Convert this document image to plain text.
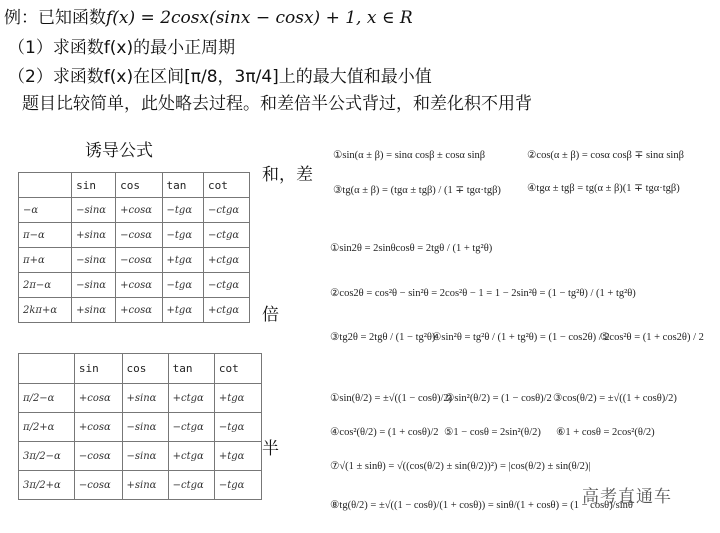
例：已知函数f(x) = 2cosx(sinx − cosx) + 1, x ∈ R
（1）求函数f(x)的最小正周期
（2）求函数f(x)在区间[π/8，3π/4]上的最大值和最小值
题目比较简单，此处略去过程。和差倍半公式背过，和差化积不用背
诱导公式
和，差
倍
半
	sin	cos	tan	cot
−α	−sinα	+cosα	−tgα	−ctgα
π−α	+sinα	−cosα	−tgα	−ctgα
π+α	−sinα	−cosα	+tgα	+ctgα
2π−α	−sinα	+cosα	−tgα	−ctgα
2kπ+α	+sinα	+cosα	+tgα	+ctgα
	sin	cos	tan	cot
π/2−α	+cosα	+sinα	+ctgα	+tgα
π/2+α	+cosα	−sinα	−ctgα	−tgα
3π/2−α	−cosα	−sinα	+ctgα	+tgα
3π/2+α	−cosα	+sinα	−ctgα	−tgα
①sin(α ± β) = sinα cosβ ± cosα sinβ	②cos(α ± β) = cosα cosβ ∓ sinα sinβ
③tg(α ± β) = (tgα ± tgβ) / (1 ∓ tgα·tgβ) ④tgα ± tgβ = tg(α ± β)(1 ∓ tgα·tgβ)
①sin2θ = 2sinθcosθ = 2tgθ / (1 + tg²θ)
②cos2θ = cos²θ − sin²θ = 2cos²θ − 1 = 1 − 2sin²θ = (1 − tg²θ) / (1 + tg²θ)
③tg2θ = 2tgθ / (1 − tg²θ)
④sin²θ = tg²θ / (1 + tg²θ) = (1 − cos2θ) / 2
⑤cos²θ = (1 + cos2θ) / 2
①sin(θ/2) = ±√((1 − cosθ)/2)
②sin²(θ/2) = (1 − cosθ)/2 ③cos(θ/2) = ±√((1 + cosθ)/2)
④cos²(θ/2) = (1 + cosθ)/2 ⑤1 − cosθ = 2sin²(θ/2) ⑥1 + cosθ = 2cos²(θ/2)
⑦√(1 ± sinθ) = √((cos(θ/2) ± sin(θ/2))²) = |cos(θ/2) ± sin(θ/2)|
⑧tg(θ/2) = ±√((1 − cosθ)/(1 + cosθ)) = sinθ/(1 + cosθ) = (1 − cosθ)/sinθ
高考直通车
